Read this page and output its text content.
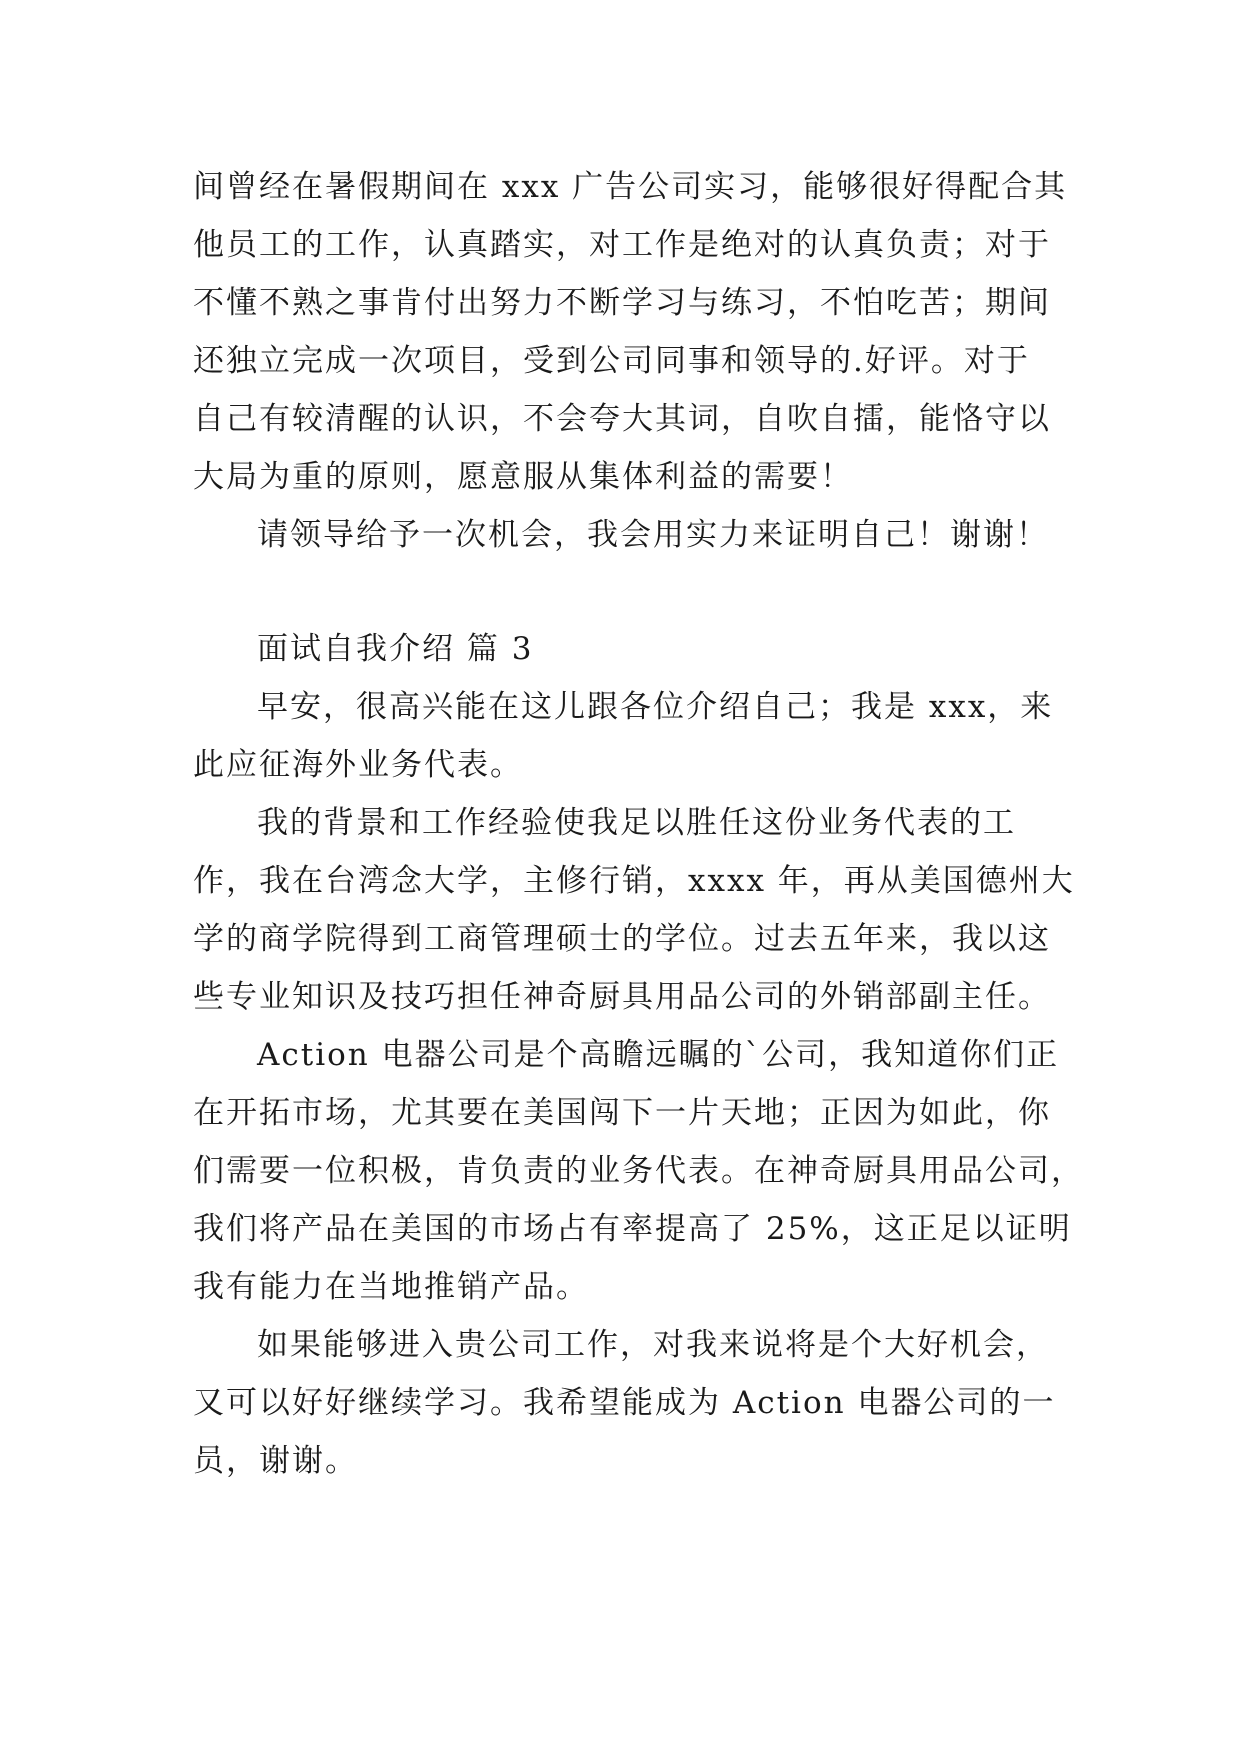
间曾经在暑假期间在 xxx 广告公司实习，能够很好得配合其
他员工的工作，认真踏实，对工作是绝对的认真负责；对于
不懂不熟之事肯付出努力不断学习与练习，不怕吃苦；期间
还独立完成一次项目，受到公司同事和领导的.好评。对于
自己有较清醒的认识，不会夸大其词，自吹自擂，能恪守以
大局为重的原则，愿意服从集体利益的需要！
请领导给予一次机会，我会用实力来证明自己！谢谢！
面试自我介绍 篇 3
早安，很高兴能在这儿跟各位介绍自己；我是 xxx，来
此应征海外业务代表。
我的背景和工作经验使我足以胜任这份业务代表的工
作，我在台湾念大学，主修行销，xxxx 年，再从美国德州大
学的商学院得到工商管理硕士的学位。过去五年来，我以这
些专业知识及技巧担任神奇厨具用品公司的外销部副主任。
Action 电器公司是个高瞻远瞩的`公司，我知道你们正
在开拓市场，尤其要在美国闯下一片天地；正因为如此，你
们需要一位积极，肯负责的业务代表。在神奇厨具用品公司，
我们将产品在美国的市场占有率提高了 25%，这正足以证明
我有能力在当地推销产品。
如果能够进入贵公司工作，对我来说将是个大好机会，
又可以好好继续学习。我希望能成为 Action 电器公司的一
员，谢谢。
